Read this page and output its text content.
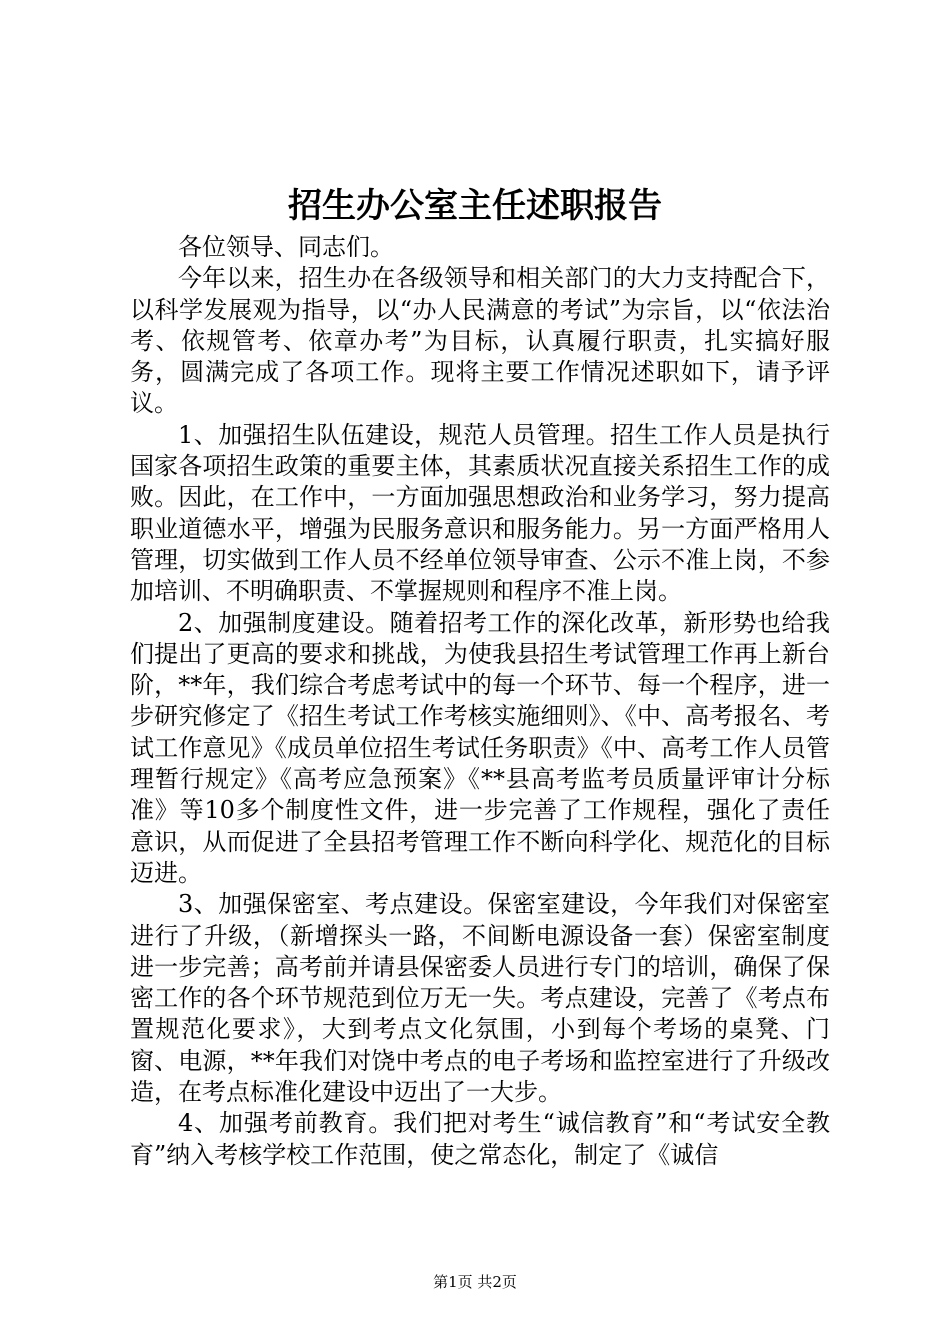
招生办公室主任述职报告

各位领导、同志们。

今年以来，招生办在各级领导和相关部门的大力支持配合下，以科学发展观为指导，以“办人民满意的考试”为宗旨，以“依法治考、依规管考、依章办考”为目标，认真履行职责，扎实搞好服务，圆满完成了各项工作。现将主要工作情况述职如下，请予评议。

1、加强招生队伍建设，规范人员管理。招生工作人员是执行国家各项招生政策的重要主体，其素质状况直接关系招生工作的成败。因此，在工作中，一方面加强思想政治和业务学习，努力提高职业道德水平，增强为民服务意识和服务能力。另一方面严格用人管理，切实做到工作人员不经单位领导审查、公示不准上岗，不参加培训、不明确职责、不掌握规则和程序不准上岗。

2、加强制度建设。随着招考工作的深化改革，新形势也给我们提出了更高的要求和挑战，为使我县招生考试管理工作再上新台阶，**年，我们综合考虑考试中的每一个环节、每一个程序，进一步研究修定了《招生考试工作考核实施细则》、《中、高考报名、考试工作意见》《成员单位招生考试任务职责》《中、高考工作人员管理暂行规定》《高考应急预案》《**县高考监考员质量评审计分标准》等10多个制度性文件，进一步完善了工作规程，强化了责任意识，从而促进了全县招考管理工作不断向科学化、规范化的目标迈进。

3、加强保密室、考点建设。保密室建设，今年我们对保密室进行了升级，（新增探头一路，不间断电源设备一套）保密室制度进一步完善；高考前并请县保密委人员进行专门的培训，确保了保密工作的各个环节规范到位万无一失。考点建设，完善了《考点布置规范化要求》，大到考点文化氛围，小到每个考场的桌凳、门窗、电源，**年我们对饶中考点的电子考场和监控室进行了升级改造，在考点标准化建设中迈出了一大步。

4、加强考前教育。我们把对考生“诚信教育”和“考试安全教育”纳入考核学校工作范围，使之常态化，制定了《诚信

第1页 共2页
